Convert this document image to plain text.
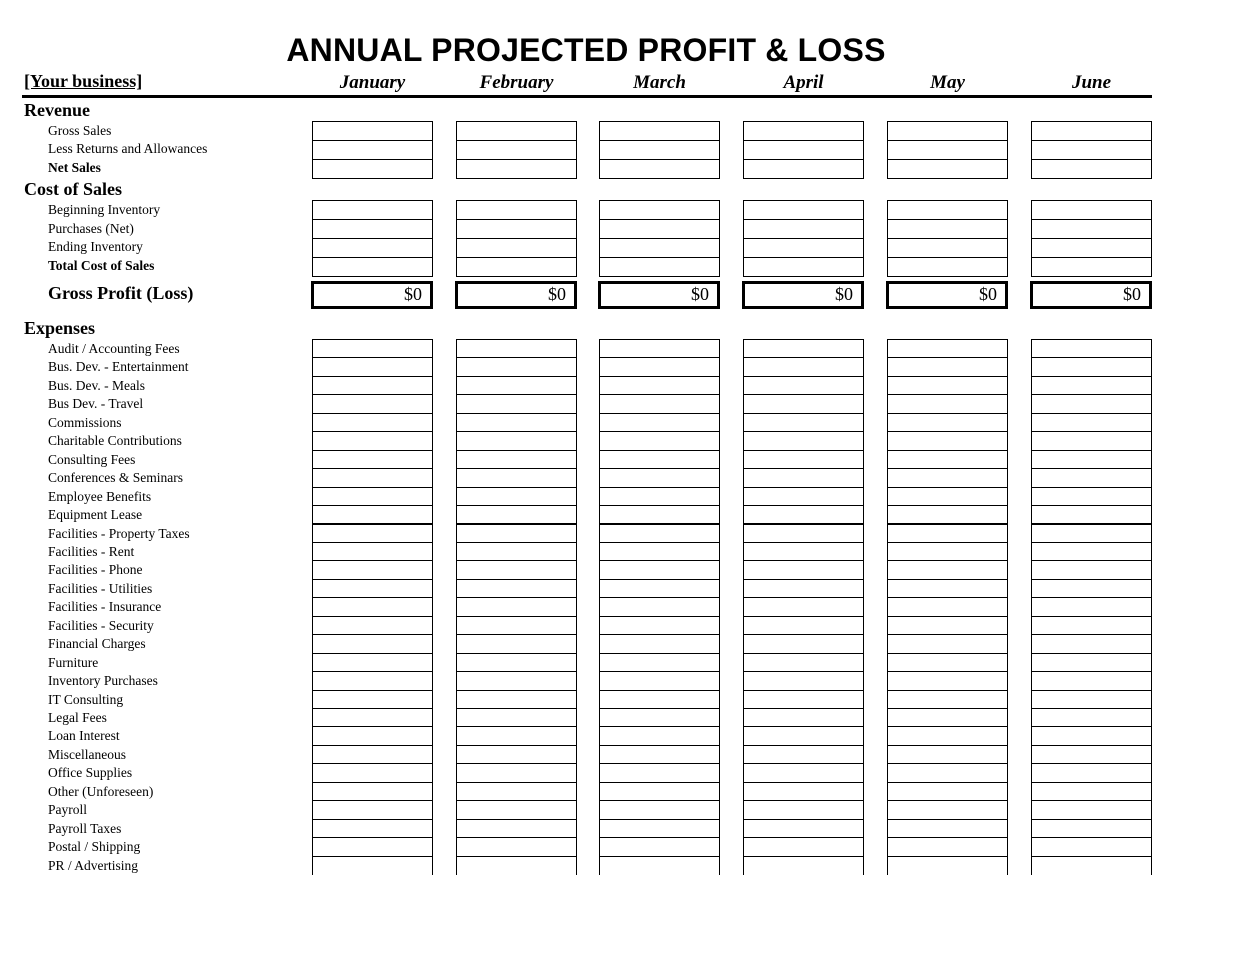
ANNUAL PROJECTED PROFIT & LOSS
[Your business]	January	February	March	April	May	June
Revenue
Gross Sales
Less Returns and Allowances
Net Sales
Cost of Sales
Beginning Inventory
Purchases (Net)
Ending Inventory
Total Cost of Sales
Gross Profit (Loss)	$0	$0	$0	$0	$0	$0
Expenses
Audit / Accounting Fees
Bus. Dev. - Entertainment
Bus. Dev. - Meals
Bus Dev. - Travel
Commissions
Charitable Contributions
Consulting Fees
Conferences & Seminars
Employee Benefits
Equipment Lease
Facilities - Property Taxes
Facilities - Rent
Facilities - Phone
Facilities - Utilities
Facilities - Insurance
Facilities - Security
Financial Charges
Furniture
Inventory Purchases
IT Consulting
Legal Fees
Loan Interest
Miscellaneous
Office Supplies
Other (Unforeseen)
Payroll
Payroll Taxes
Postal / Shipping
PR / Advertising
